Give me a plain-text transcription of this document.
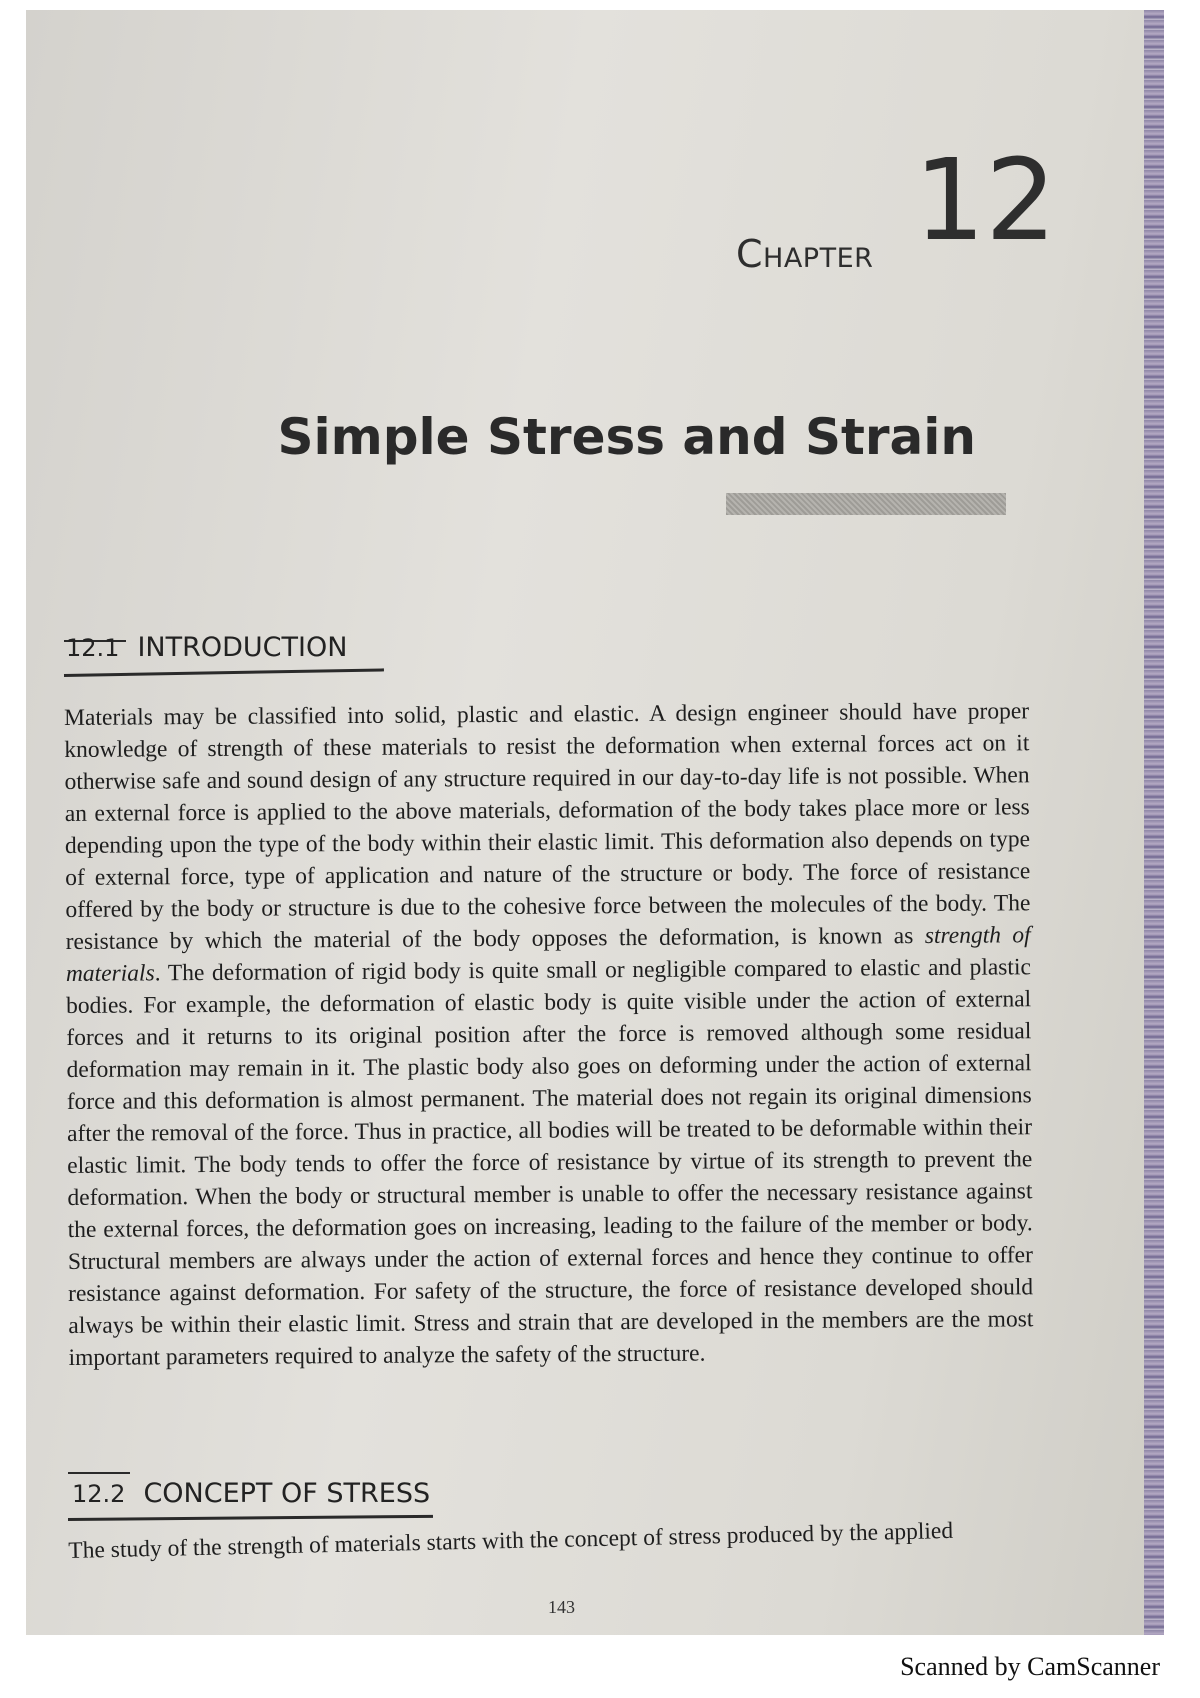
Chapter 12
Simple Stress and Strain
12.1 INTRODUCTION

Materials may be classified into solid, plastic and elastic. A design engineer should have proper knowledge of strength of these materials to resist the deformation when external forces act on it otherwise safe and sound design of any structure required in our day-to-day life is not possible. When an external force is applied to the above materials, deformation of the body takes place more or less depending upon the type of the body within their elastic limit. This deformation also depends on type of external force, type of application and nature of the structure or body. The force of resistance offered by the body or structure is due to the cohesive force between the molecules of the body. The resistance by which the material of the body opposes the deformation, is known as strength of materials. The deformation of rigid body is quite small or negligible compared to elastic and plastic bodies. For example, the deformation of elastic body is quite visible under the action of external forces and it returns to its original position after the force is removed although some residual deformation may remain in it. The plastic body also goes on deforming under the action of external force and this deformation is almost permanent. The material does not regain its original dimensions after the removal of the force. Thus in practice, all bodies will be treated to be deformable within their elastic limit. The body tends to offer the force of resistance by virtue of its strength to prevent the deformation. When the body or structural member is unable to offer the necessary resistance against the external forces, the deformation goes on increasing, leading to the failure of the member or body. Structural members are always under the action of external forces and hence they continue to offer resistance against deformation. For safety of the structure, the force of resistance developed should always be within their elastic limit. Stress and strain that are developed in the members are the most important parameters required to analyze the safety of the structure.

12.2 CONCEPT OF STRESS
The study of the strength of materials starts with the concept of stress produced by the applied
143
Scanned by CamScanner
